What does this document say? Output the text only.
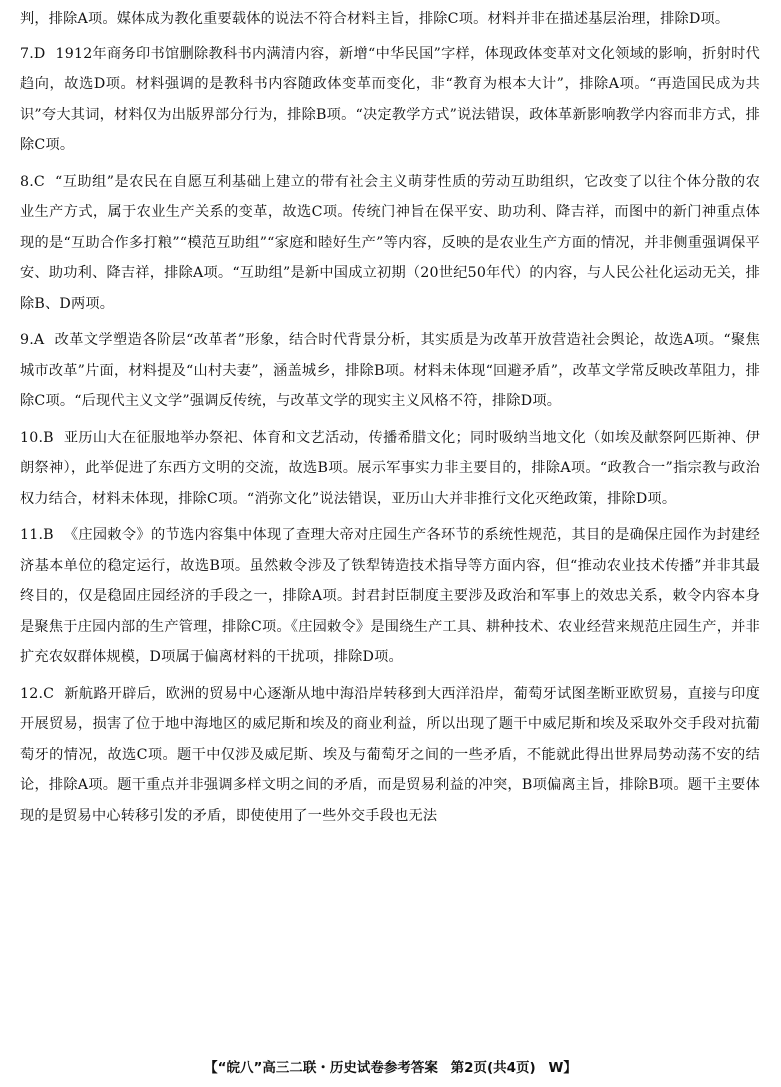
判，排除A项。媒体成为教化重要载体的说法不符合材料主旨，排除C项。材料并非在描述基层治理，排除D项。

7.D 1912年商务印书馆删除教科书内满清内容，新增“中华民国”字样，体现政体变革对文化领域的影响，折射时代趋向，故选D项。材料强调的是教科书内容随政体变革而变化，非“教育为根本大计”，排除A项。“再造国民成为共识”夸大其词，材料仅为出版界部分行为，排除B项。“决定教学方式”说法错误，政体革新影响教学内容而非方式，排除C项。

8.C “互助组”是农民在自愿互利基础上建立的带有社会主义萌芽性质的劳动互助组织，它改变了以往个体分散的农业生产方式，属于农业生产关系的变革，故选C项。传统门神旨在保平安、助功利、降吉祥，而图中的新门神重点体现的是“互助合作多打粮”“模范互助组”“家庭和睦好生产”等内容，反映的是农业生产方面的情况，并非侧重强调保平安、助功利、降吉祥，排除A项。“互助组”是新中国成立初期（20世纪50年代）的内容，与人民公社化运动无关，排除B、D两项。

9.A 改革文学塑造各阶层“改革者”形象，结合时代背景分析，其实质是为改革开放营造社会舆论，故选A项。“聚焦城市改革”片面，材料提及“山村夫妻”，涵盖城乡，排除B项。材料未体现“回避矛盾”，改革文学常反映改革阻力，排除C项。“后现代主义文学”强调反传统，与改革文学的现实主义风格不符，排除D项。

10.B 亚历山大在征服地举办祭祀、体育和文艺活动，传播希腊文化；同时吸纳当地文化（如埃及献祭阿匹斯神、伊朗祭神），此举促进了东西方文明的交流，故选B项。展示军事实力非主要目的，排除A项。“政教合一”指宗教与政治权力结合，材料未体现，排除C项。“消弥文化”说法错误，亚历山大并非推行文化灭绝政策，排除D项。

11.B 《庄园敕令》的节选内容集中体现了查理大帝对庄园生产各环节的系统性规范，其目的是确保庄园作为封建经济基本单位的稳定运行，故选B项。虽然敕令涉及了铁犁铸造技术指导等方面内容，但“推动农业技术传播”并非其最终目的，仅是稳固庄园经济的手段之一，排除A项。封君封臣制度主要涉及政治和军事上的效忠关系，敕令内容本身是聚焦于庄园内部的生产管理，排除C项。《庄园敕令》是围绕生产工具、耕种技术、农业经营来规范庄园生产，并非扩充农奴群体规模，D项属于偏离材料的干扰项，排除D项。

12.C 新航路开辟后，欧洲的贸易中心逐渐从地中海沿岸转移到大西洋沿岸，葡萄牙试图垄断亚欧贸易，直接与印度开展贸易，损害了位于地中海地区的威尼斯和埃及的商业利益，所以出现了题干中威尼斯和埃及采取外交手段对抗葡萄牙的情况，故选C项。题干中仅涉及威尼斯、埃及与葡萄牙之间的一些矛盾，不能就此得出世界局势动荡不安的结论，排除A项。题干重点并非强调多样文明之间的矛盾，而是贸易利益的冲突，B项偏离主旨，排除B项。题干主要体现的是贸易中心转移引发的矛盾，即使使用了一些外交手段也无法

【“皖八”高三二联・历史试卷参考答案 第2页(共4页) W】
